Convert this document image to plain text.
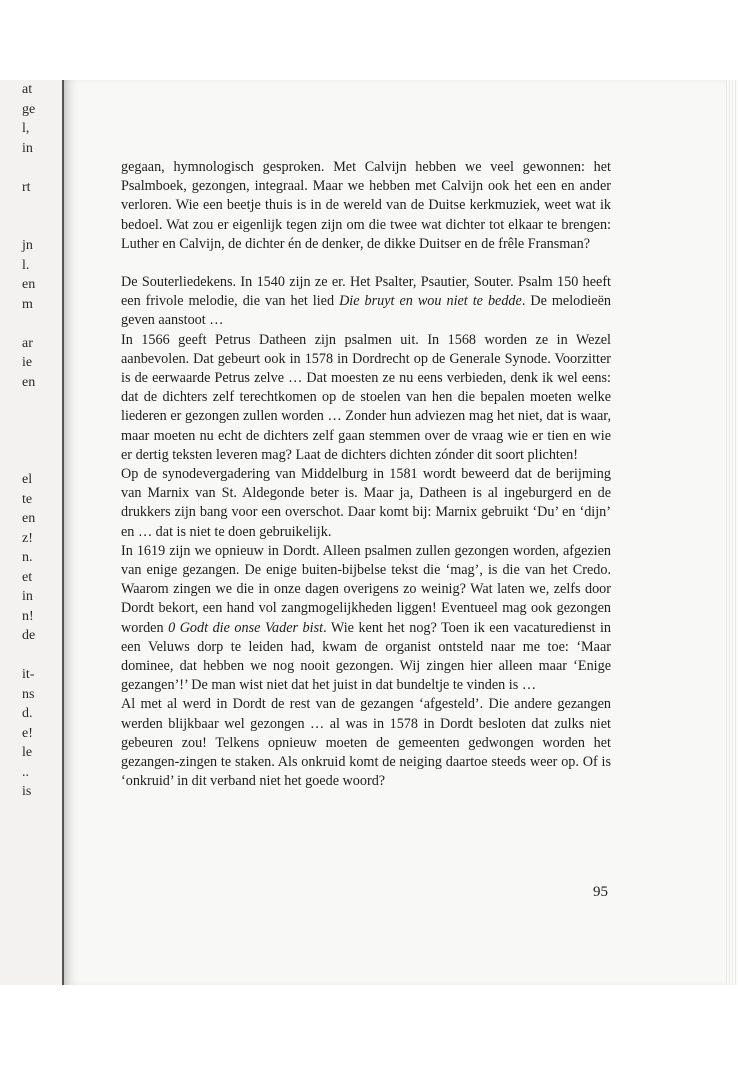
at
ge
l,
in
rt
jn
l.
en
m
ar
ie
en
el
te
en
z!
n.
et
in
n!
de
it-
ns
d.
e!
le
..
is

gegaan, hymnologisch gesproken. Met Calvijn hebben we veel gewonnen: het Psalmboek, gezongen, integraal. Maar we hebben met Calvijn ook het een en ander verloren. Wie een beetje thuis is in de wereld van de Duitse kerkmuziek, weet wat ik bedoel. Wat zou er eigenlijk tegen zijn om die twee wat dichter tot elkaar te brengen: Luther en Calvijn, de dichter én de denker, de dikke Duitser en de frêle Fransman?

De Souterliedekens. In 1540 zijn ze er. Het Psalter, Psautier, Souter. Psalm 150 heeft een frivole melodie, die van het lied Die bruyt en wou niet te bedde. De melodieën geven aanstoot …

In 1566 geeft Petrus Datheen zijn psalmen uit. In 1568 worden ze in Wezel aanbevolen. Dat gebeurt ook in 1578 in Dordrecht op de Generale Synode. Voorzitter is de eerwaarde Petrus zelve … Dat moesten ze nu eens verbieden, denk ik wel eens: dat de dichters zelf terechtkomen op de stoelen van hen die bepalen moeten welke liederen er gezongen zullen worden … Zonder hun adviezen mag het niet, dat is waar, maar moeten nu echt de dichters zelf gaan stemmen over de vraag wie er tien en wie er dertig teksten leveren mag? Laat de dichters dichten zónder dit soort plichten!

Op de synodevergadering van Middelburg in 1581 wordt beweerd dat de berijming van Marnix van St. Aldegonde beter is. Maar ja, Datheen is al ingeburgerd en de drukkers zijn bang voor een overschot. Daar komt bij: Marnix gebruikt ‘Du’ en ‘dijn’ en … dat is niet te doen gebruikelijk.

In 1619 zijn we opnieuw in Dordt. Alleen psalmen zullen gezongen worden, afgezien van enige gezangen. De enige buiten-bijbelse tekst die ‘mag’, is die van het Credo. Waarom zingen we die in onze dagen overigens zo weinig? Wat laten we, zelfs door Dordt bekort, een hand vol zangmogelijkheden liggen! Eventueel mag ook gezongen worden 0 Godt die onse Vader bist. Wie kent het nog? Toen ik een vacaturedienst in een Veluws dorp te leiden had, kwam de organist ontsteld naar me toe: ‘Maar dominee, dat hebben we nog nooit gezongen. Wij zingen hier alleen maar ‘Enige gezangen’!’ De man wist niet dat het juist in dat bundeltje te vinden is …

Al met al werd in Dordt de rest van de gezangen ‘afgesteld’. Die andere gezangen werden blijkbaar wel gezongen … al was in 1578 in Dordt besloten dat zulks niet gebeuren zou! Telkens opnieuw moeten de gemeenten gedwongen worden het gezangen-zingen te staken. Als onkruid komt de neiging daartoe steeds weer op. Of is ‘onkruid’ in dit verband niet het goede woord?

95
